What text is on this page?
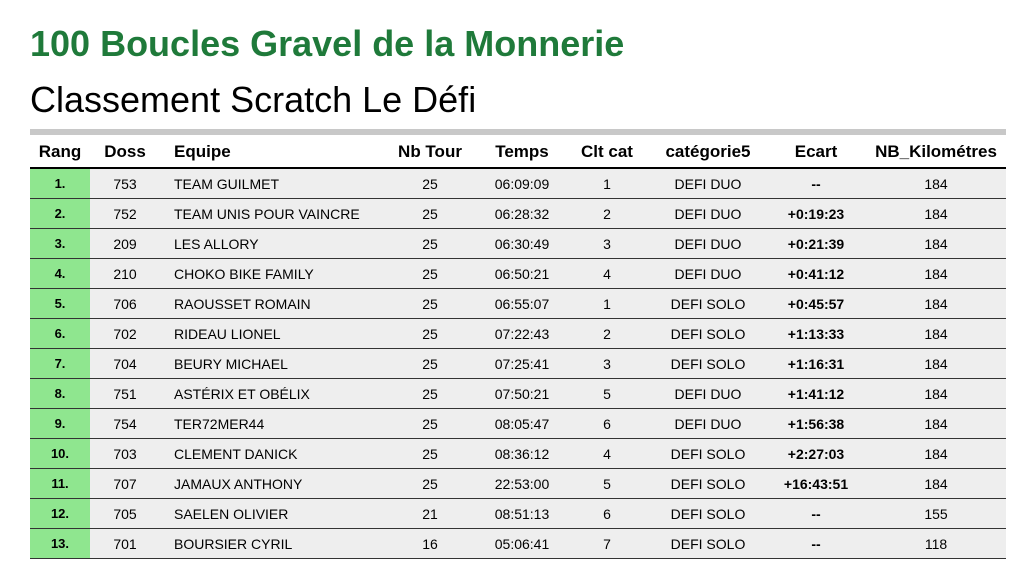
100 Boucles Gravel de la Monnerie
Classement Scratch Le Défi
Rang	Doss	Equipe	Nb Tour	Temps	Clt cat	catégorie5	Ecart	NB_Kilométres
1.	753	TEAM GUILMET	25	06:09:09	1	DEFI DUO	--	184
2.	752	TEAM UNIS POUR VAINCRE	25	06:28:32	2	DEFI DUO	+0:19:23	184
3.	209	LES ALLORY	25	06:30:49	3	DEFI DUO	+0:21:39	184
4.	210	CHOKO BIKE FAMILY	25	06:50:21	4	DEFI DUO	+0:41:12	184
5.	706	RAOUSSET ROMAIN	25	06:55:07	1	DEFI SOLO	+0:45:57	184
6.	702	RIDEAU LIONEL	25	07:22:43	2	DEFI SOLO	+1:13:33	184
7.	704	BEURY MICHAEL	25	07:25:41	3	DEFI SOLO	+1:16:31	184
8.	751	ASTÉRIX ET OBÉLIX	25	07:50:21	5	DEFI DUO	+1:41:12	184
9.	754	TER72MER44	25	08:05:47	6	DEFI DUO	+1:56:38	184
10.	703	CLEMENT DANICK	25	08:36:12	4	DEFI SOLO	+2:27:03	184
11.	707	JAMAUX ANTHONY	25	22:53:00	5	DEFI SOLO	+16:43:51	184
12.	705	SAELEN OLIVIER	21	08:51:13	6	DEFI SOLO	--	155
13.	701	BOURSIER CYRIL	16	05:06:41	7	DEFI SOLO	--	118
